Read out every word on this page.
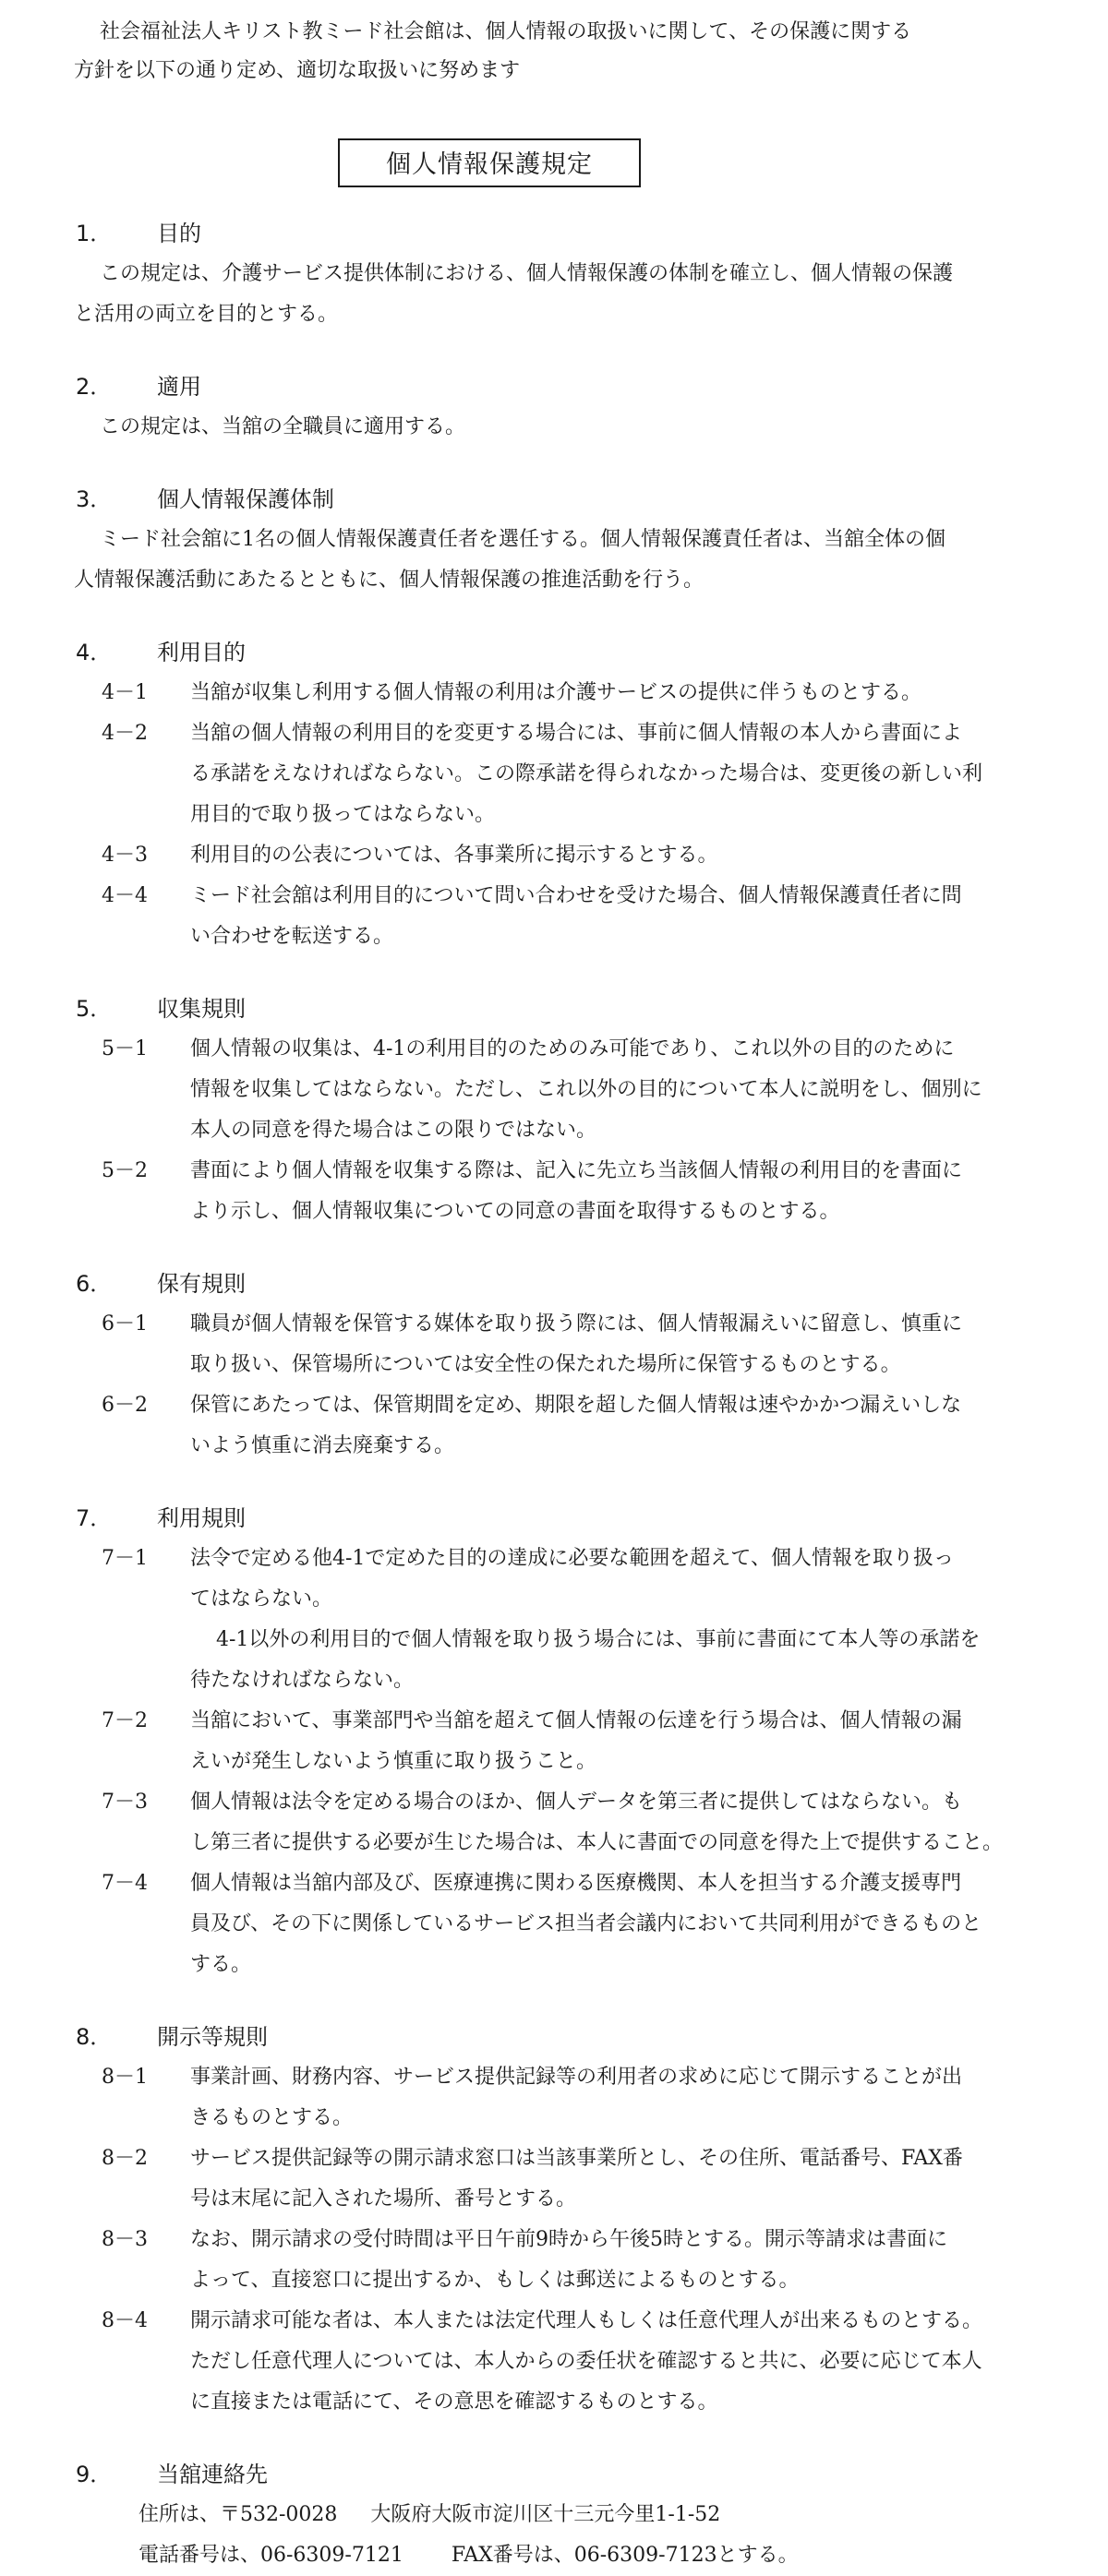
社会福祉法人キリスト教ミード社会館は、個人情報の取扱いに関して、その保護に関する
方針を以下の通り定め、適切な取扱いに努めます
個人情報保護規定
1． 目的
この規定は、介護サービス提供体制における、個人情報保護の体制を確立し、個人情報の保護
と活用の両立を目的とする。
2． 適用
この規定は、当舘の全職員に適用する。
3． 個人情報保護体制
ミード社会舘に1名の個人情報保護責任者を選任する。個人情報保護責任者は、当舘全体の個
人情報保護活動にあたるとともに、個人情報保護の推進活動を行う。
4． 利用目的
4－1 当舘が収集し利用する個人情報の利用は介護サービスの提供に伴うものとする。
4－2 当舘の個人情報の利用目的を変更する場合には、事前に個人情報の本人から書面によ
る承諾をえなければならない。この際承諾を得られなかった場合は、変更後の新しい利
用目的で取り扱ってはならない。
4－3 利用目的の公表については、各事業所に掲示するとする。
4－4 ミード社会舘は利用目的について問い合わせを受けた場合、個人情報保護責任者に問
い合わせを転送する。
5． 収集規則
5－1 個人情報の収集は、4-1の利用目的のためのみ可能であり、これ以外の目的のために
情報を収集してはならない。ただし、これ以外の目的について本人に説明をし、個別に
本人の同意を得た場合はこの限りではない。
5－2 書面により個人情報を収集する際は、記入に先立ち当該個人情報の利用目的を書面に
より示し、個人情報収集についての同意の書面を取得するものとする。
6． 保有規則
6－1 職員が個人情報を保管する媒体を取り扱う際には、個人情報漏えいに留意し、慎重に
取り扱い、保管場所については安全性の保たれた場所に保管するものとする。
6－2 保管にあたっては、保管期間を定め、期限を超した個人情報は速やかかつ漏えいしな
いよう慎重に消去廃棄する。
7． 利用規則
7－1 法令で定める他4-1で定めた目的の達成に必要な範囲を超えて、個人情報を取り扱っ
てはならない。
4-1以外の利用目的で個人情報を取り扱う場合には、事前に書面にて本人等の承諾を
待たなければならない。
7－2 当舘において、事業部門や当舘を超えて個人情報の伝達を行う場合は、個人情報の漏
えいが発生しないよう慎重に取り扱うこと。
7－3 個人情報は法令を定める場合のほか、個人データを第三者に提供してはならない。も
し第三者に提供する必要が生じた場合は、本人に書面での同意を得た上で提供すること。
7－4 個人情報は当舘内部及び、医療連携に関わる医療機関、本人を担当する介護支援専門
員及び、その下に関係しているサービス担当者会議内において共同利用ができるものと
する。
8． 開示等規則
8－1 事業計画、財務内容、サービス提供記録等の利用者の求めに応じて開示することが出
きるものとする。
8－2 サービス提供記録等の開示請求窓口は当該事業所とし、その住所、電話番号、FAX番
号は末尾に記入された場所、番号とする。
8－3 なお、開示請求の受付時間は平日午前9時から午後5時とする。開示等請求は書面に
よって、直接窓口に提出するか、もしくは郵送によるものとする。
8－4 開示請求可能な者は、本人または法定代理人もしくは任意代理人が出来るものとする。
ただし任意代理人については、本人からの委任状を確認すると共に、必要に応じて本人
に直接または電話にて、その意思を確認するものとする。
9． 当舘連絡先
住所は、〒532-0028 大阪府大阪市淀川区十三元今里1-1-52
電話番号は、06-6309-7121 FAX番号は、06-6309-7123とする。
